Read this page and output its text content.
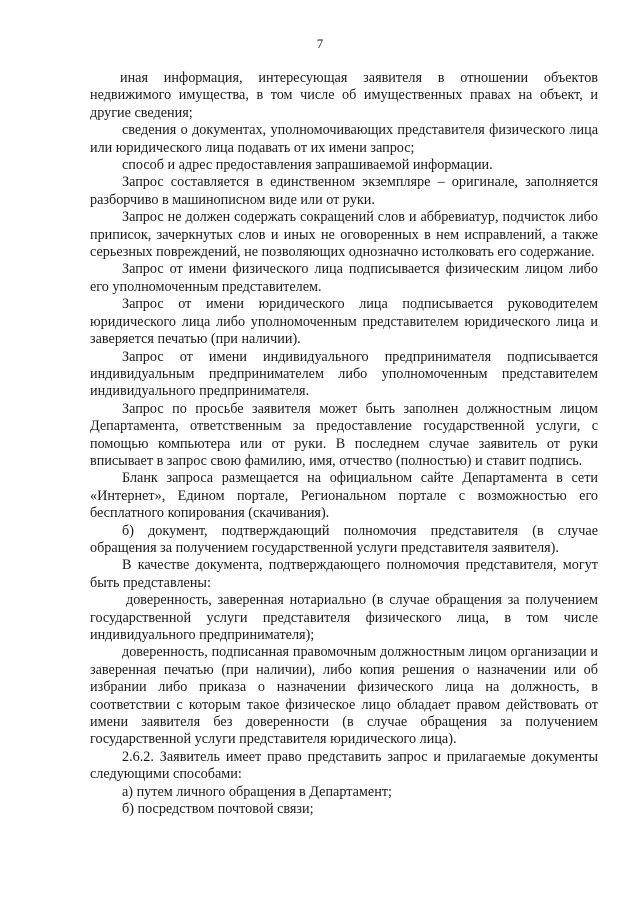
7

иная информация, интересующая заявителя в отношении объектов недвижимого имущества, в том числе об имущественных правах на объект, и другие сведения;

сведения о документах, уполномочивающих представителя физического лица или юридического лица подавать от их имени запрос;

способ и адрес предоставления запрашиваемой информации.

Запрос составляется в единственном экземпляре – оригинале, заполняется разборчиво в машинописном виде или от руки.

Запрос не должен содержать сокращений слов и аббревиатур, подчисток либо приписок, зачеркнутых слов и иных не оговоренных в нем исправлений, а также серьезных повреждений, не позволяющих однозначно истолковать его содержание.

Запрос от имени физического лица подписывается физическим лицом либо его уполномоченным представителем.

Запрос от имени юридического лица подписывается руководителем юридического лица либо уполномоченным представителем юридического лица и заверяется печатью (при наличии).

Запрос от имени индивидуального предпринимателя подписывается индивидуальным предпринимателем либо уполномоченным представителем индивидуального предпринимателя.

Запрос по просьбе заявителя может быть заполнен должностным лицом Департамента, ответственным за предоставление государственной услуги, с помощью компьютера или от руки. В последнем случае заявитель от руки вписывает в запрос свою фамилию, имя, отчество (полностью) и ставит подпись.

Бланк запроса размещается на официальном сайте Департамента в сети «Интернет», Едином портале, Региональном портале с возможностью его бесплатного копирования (скачивания).

б) документ, подтверждающий полномочия представителя (в случае обращения за получением государственной услуги представителя заявителя).

В качестве документа, подтверждающего полномочия представителя, могут быть представлены:

доверенность, заверенная нотариально (в случае обращения за получением государственной услуги представителя физического лица, в том числе индивидуального предпринимателя);

доверенность, подписанная правомочным должностным лицом организации и заверенная печатью (при наличии), либо копия решения о назначении или об избрании либо приказа о назначении физического лица на должность, в соответствии с которым такое физическое лицо обладает правом действовать от имени заявителя без доверенности (в случае обращения за получением государственной услуги представителя юридического лица).

2.6.2. Заявитель имеет право представить запрос и прилагаемые документы следующими способами:

а) путем личного обращения в Департамент;

б) посредством почтовой связи;
